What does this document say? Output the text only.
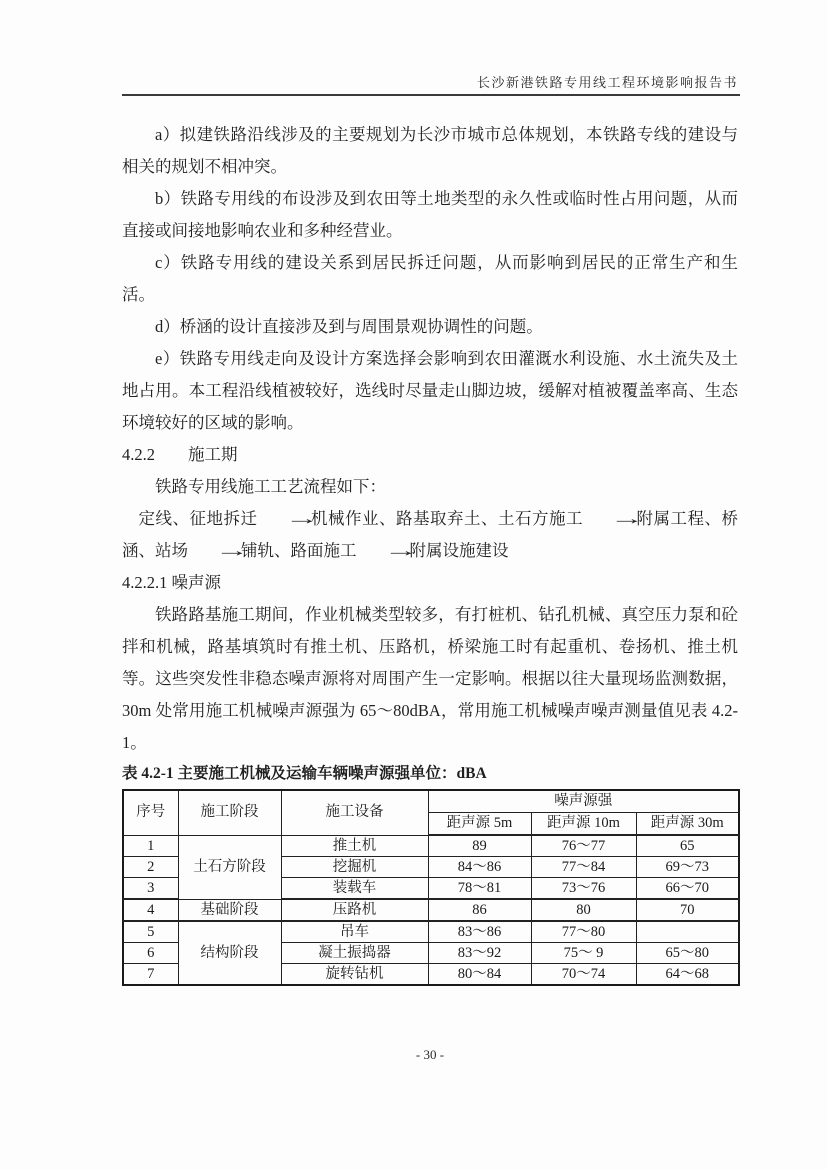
长沙新港铁路专用线工程环境影响报告书

a）拟建铁路沿线涉及的主要规划为长沙市城市总体规划，本铁路专线的建设与相关的规划不相冲突。

b）铁路专用线的布设涉及到农田等土地类型的永久性或临时性占用问题，从而直接或间接地影响农业和多种经营业。

c）铁路专用线的建设关系到居民拆迁问题，从而影响到居民的正常生产和生活。

d）桥涵的设计直接涉及到与周围景观协调性的问题。

e）铁路专用线走向及设计方案选择会影响到农田灌溉水利设施、水土流失及土地占用。本工程沿线植被较好，选线时尽量走山脚边坡，缓解对植被覆盖率高、生态环境较好的区域的影响。

4.2.2　　施工期

铁路专用线施工工艺流程如下：

定线、征地拆迁 →机械作业、路基取弃土、土石方施工 →附属工程、桥涵、站场 →铺轨、路面施工 →附属设施建设

4.2.2.1 噪声源

铁路路基施工期间，作业机械类型较多，有打桩机、钻孔机械、真空压力泵和砼拌和机械，路基填筑时有推土机、压路机，桥梁施工时有起重机、卷扬机、推土机等。这些突发性非稳态噪声源将对周围产生一定影响。根据以往大量现场监测数据，30m 处常用施工机械噪声源强为 65～80dBA，常用施工机械噪声噪声测量值见表 4.2-1。

表 4.2-1 主要施工机械及运输车辆噪声源强单位：dBA

序号	施工阶段	施工设备	噪声源强		
			距声源 5m	距声源 10m	距声源 30m
1	土石方阶段	推土机	89	76～77	65
2		挖掘机	84～86	77～84	69～73
3		装载车	78～81	73～76	66～70
4	基础阶段	压路机	86	80	70
5	结构阶段	吊车	83～86	77～80	
6		凝土振捣器	83～92	75～ 9	65～80
7		旋转钻机	80～84	70～74	64～68
- 30 -
